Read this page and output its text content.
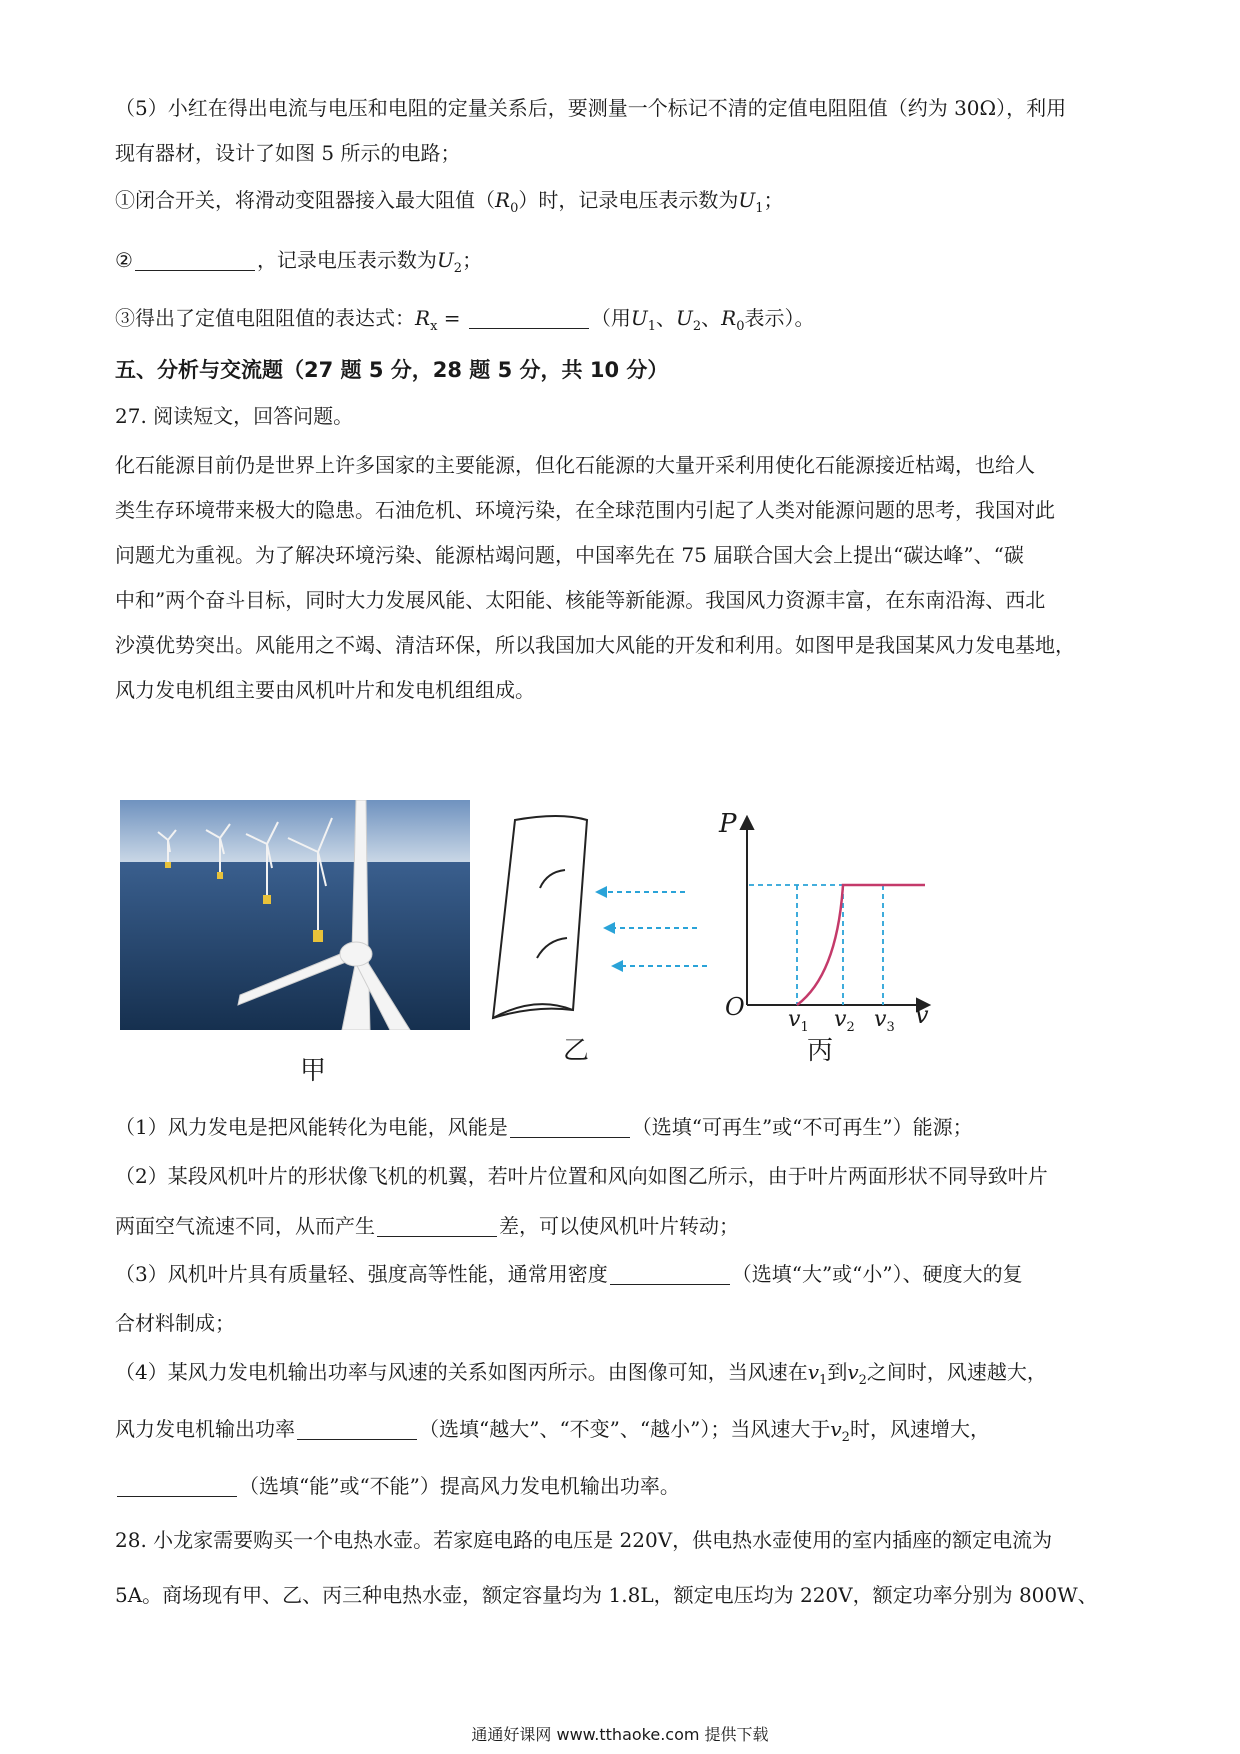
（5）小红在得出电流与电压和电阻的定量关系后，要测量一个标记不清的定值电阻阻值（约为 30Ω），利用
现有器材，设计了如图 5 所示的电路；
①闭合开关，将滑动变阻器接入最大阻值$(R_0)$时，记录电压表示数为$U_1$；
②	，记录电压表示数为$U_2$；
③得出了定值电阻阻值的表达式：$R_x$ =	（用$U_1$、$U_2$、$R_0$表示）。
五、分析与交流题（27 题 5 分，28 题 5 分，共 10 分）
27. 阅读短文，回答问题。
化石能源目前仍是世界上许多国家的主要能源，但化石能源的大量开采利用使化石能源接近枯竭，也给人
类生存环境带来极大的隐患。石油危机、环境污染，在全球范围内引起了人类对能源问题的思考，我国对此
问题尤为重视。为了解决环境污染、能源枯竭问题，中国率先在 75 届联合国大会上提出“碳达峰”、“碳
中和”两个奋斗目标，同时大力发展风能、太阳能、核能等新能源。我国风力资源丰富，在东南沿海、西北
沙漠优势突出。风能用之不竭、清洁环保，所以我国加大风能的开发和利用。如图甲是我国某风力发电基地，
风力发电机组主要由风机叶片和发电机组组成。
P
O	v
$v_1$ $v_2$ $v_3$
甲
乙	丙
（1）风力发电是把风能转化为电能，风能是	（选填“可再生”或“不可再生”）能源；
（2）某段风机叶片的形状像飞机的机翼，若叶片位置和风向如图乙所示，由于叶片两面形状不同导致叶片
两面空气流速不同，从而产生	差，可以使风机叶片转动；
（3）风机叶片具有质量轻、强度高等性能，通常用密度	（选填“大”或“小”）、硬度大的复
合材料制成；
（4）某风力发电机输出功率与风速的关系如图丙所示。由图像可知，当风速在$v_1$到$v_2$之间时，风速越大，
风力发电机输出功率	（选填“越大”、“不变”、“越小”）；当风速大于$v_2$时，风速增大，
（选填“能”或“不能”）提高风力发电机输出功率。
28. 小龙家需要购买一个电热水壶。若家庭电路的电压是 220V，供电热水壶使用的室内插座的额定电流为
5A。商场现有甲、乙、丙三种电热水壶，额定容量均为 1.8L，额定电压均为 220V，额定功率分别为 800W、
通通好课网 www.tthaoke.com 提供下载
